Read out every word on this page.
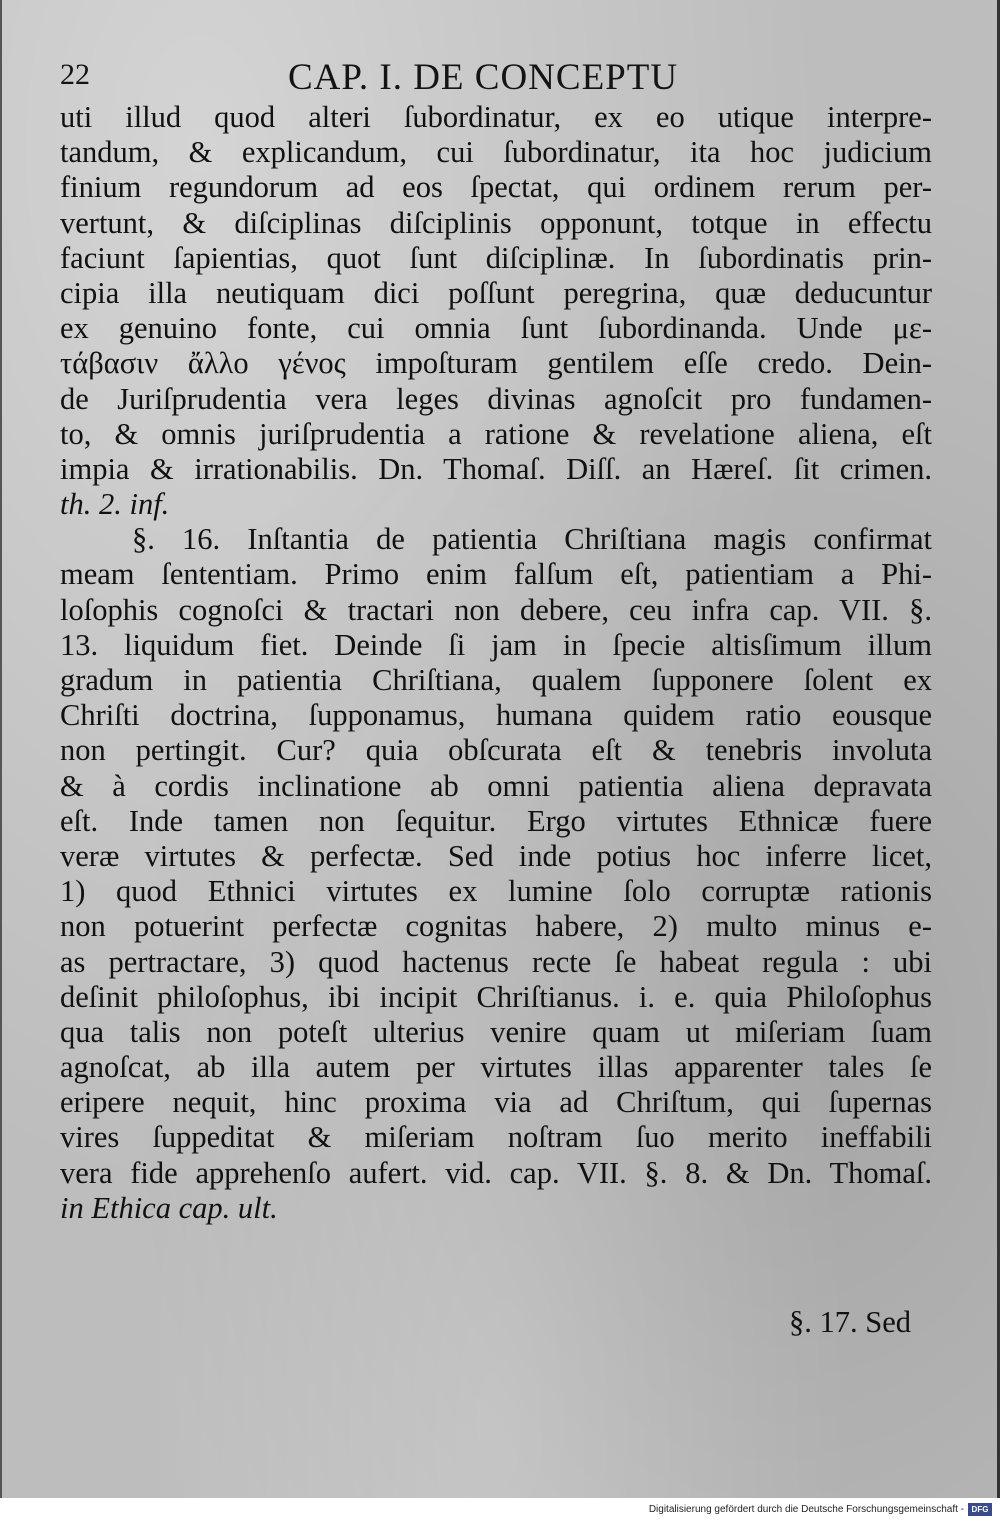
22	CAP. I. DE CONCEPTU
uti illud quod alteri ſubordinatur, ex eo utique interpre-
tandum, & explicandum, cui ſubordinatur, ita hoc judicium
finium regundorum ad eos ſpectat, qui ordinem rerum per-
vertunt, & diſciplinas diſciplinis opponunt, totque in effectu
faciunt ſapientias, quot ſunt diſciplinæ. In ſubordinatis prin-
cipia illa neutiquam dici poſſunt peregrina, quæ deducuntur
ex genuino fonte, cui omnia ſunt ſubordinanda. Unde με-
τάβασιν ἄλλο γένος impoſturam gentilem eſſe credo. Dein-
de Juriſprudentia vera leges divinas agnoſcit pro fundamen-
to, & omnis juriſprudentia a ratione & revelatione aliena, eſt
impia & irrationabilis. Dn. Thomaſ. Diſſ. an Hæreſ. ſit crimen.
th. 2. inf.
§. 16. Inſtantia de patientia Chriſtiana magis confirmat
meam ſententiam. Primo enim falſum eſt, patientiam a Phi-
loſophis cognoſci & tractari non debere, ceu infra cap. VII. §.
13. liquidum fiet. Deinde ſi jam in ſpecie altisſimum illum
gradum in patientia Chriſtiana, qualem ſupponere ſolent ex
Chriſti doctrina, ſupponamus, humana quidem ratio eousque
non pertingit. Cur? quia obſcurata eſt & tenebris involuta
& à cordis inclinatione ab omni patientia aliena depravata
eſt. Inde tamen non ſequitur. Ergo virtutes Ethnicæ fuere
veræ virtutes & perfectæ. Sed inde potius hoc inferre licet,
1) quod Ethnici virtutes ex lumine ſolo corruptæ rationis
non potuerint perfectæ cognitas habere, 2) multo minus e-
as pertractare, 3) quod hactenus recte ſe habeat regula : ubi
deſinit philoſophus, ibi incipit Chriſtianus. i. e. quia Philoſophus
qua talis non poteſt ulterius venire quam ut miſeriam ſuam
agnoſcat, ab illa autem per virtutes illas apparenter tales ſe
eripere nequit, hinc proxima via ad Chriſtum, qui ſupernas
vires ſuppeditat & miſeriam noſtram ſuo merito ineffabili
vera fide apprehenſo aufert. vid. cap. VII. §. 8. & Dn. Thomaſ.
in Ethica cap. ult.
§. 17. Sed
Digitalisierung gefördert durch die Deutsche Forschungsgemeinschaft - DFG
